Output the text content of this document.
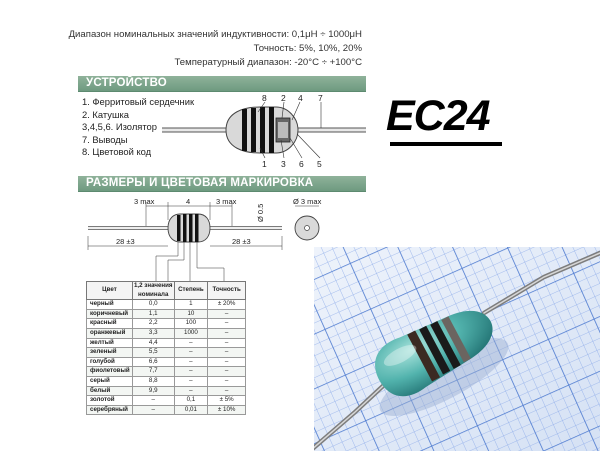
Диапазон номинальных значений индуктивности: 0,1μH ÷ 1000μH
Точность: 5%, 10%, 20%
Температурный диапазон: -20°С ÷ +100°С
УСТРОЙСТВО
1. Ферритовый сердечник
2. Катушка
3,4,5,6. Изолятор
7. Выводы
8. Цветовой код
8 2 4 7
1 3 6 5
EC24
РАЗМЕРЫ И ЦВЕТОВАЯ МАРКИРОВКА
3 max	4	3 max
28 ±3	28 ±3
Ø 0.5
Ø 3 max
Цвет	1,2 значения номинала	Степень	Точность
черный	0,0	1	± 20%
коричневый	1,1	10	–
красный	2,2	100	–
оранжевый	3,3	1000	–
желтый	4,4	–	–
зеленый	5,5	–	–
голубой	6,6	–	–
фиолетовый	7,7	–	–
серый	8,8	–	–
белый	9,9	–	–
золотой	–	0,1	± 5%
серебряный	–	0,01	± 10%
